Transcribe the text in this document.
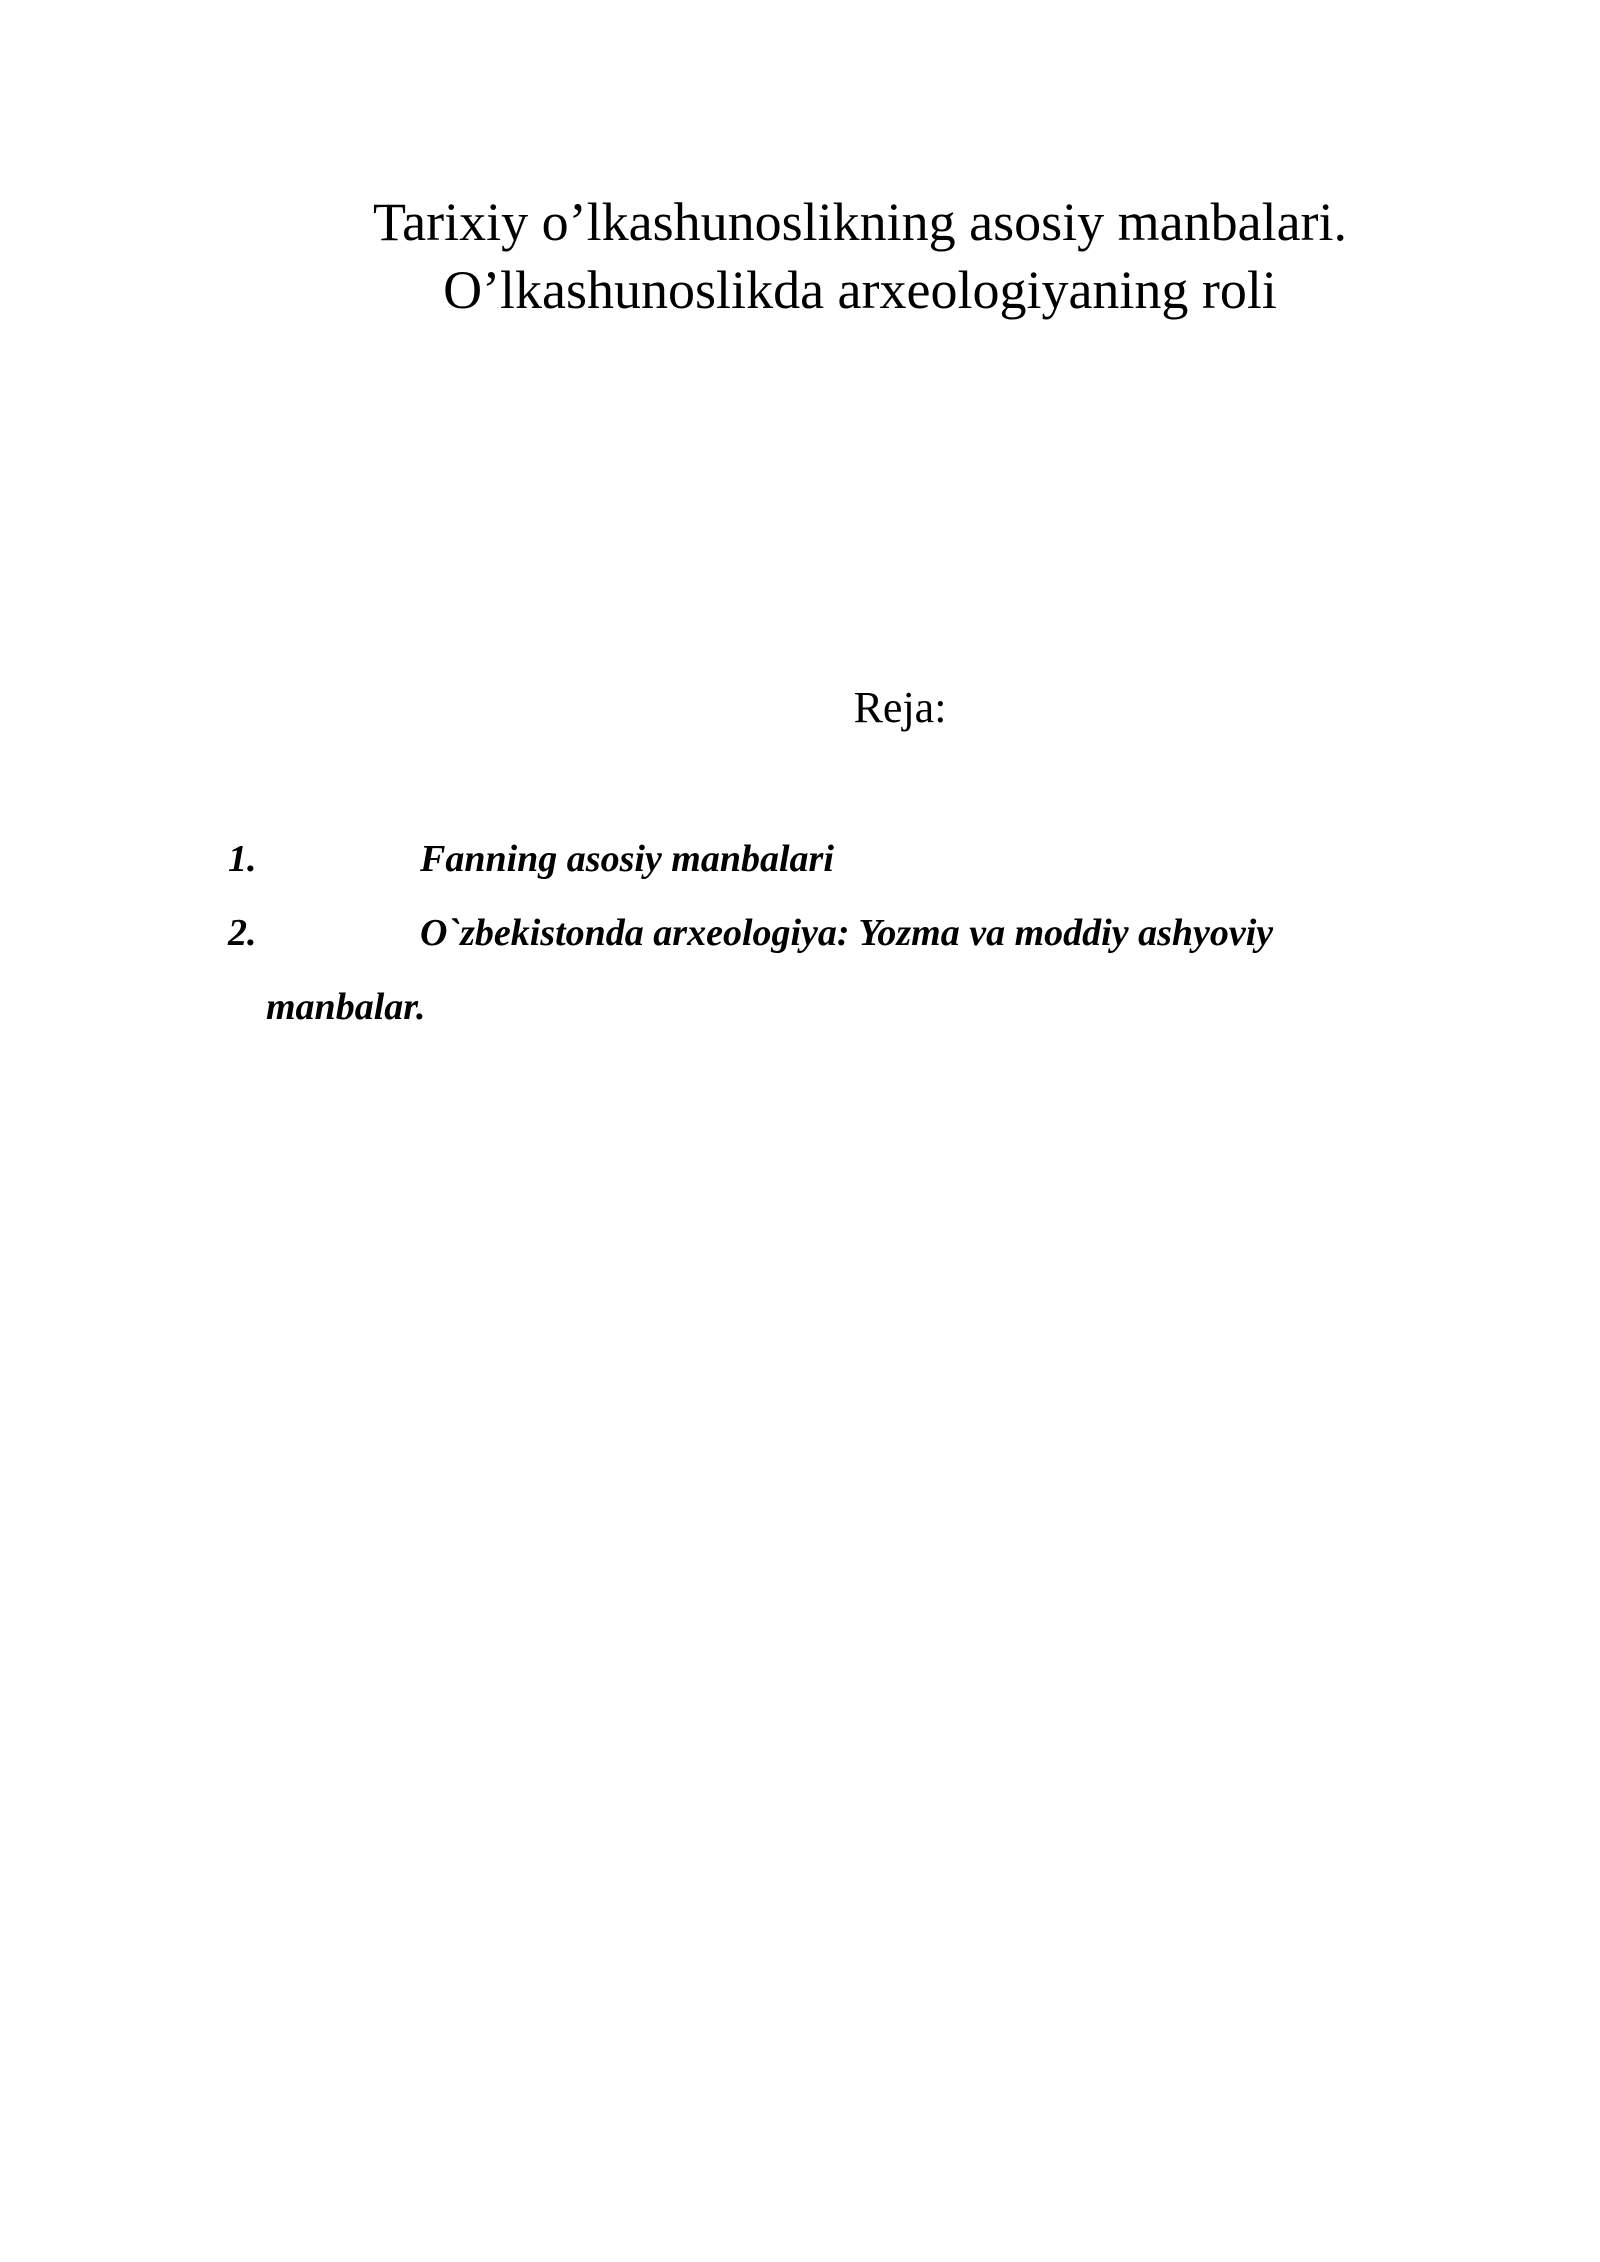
Tarixiy o’lkashunoslikning asosiy manbalari.
O’lkashunoslikda arxeologiyaning roli
Reja:
1.	Fanning asosiy manbalari
2.	O`zbekistonda arxeologiya: Yozma va moddiy ashyoviy
manbalar.
